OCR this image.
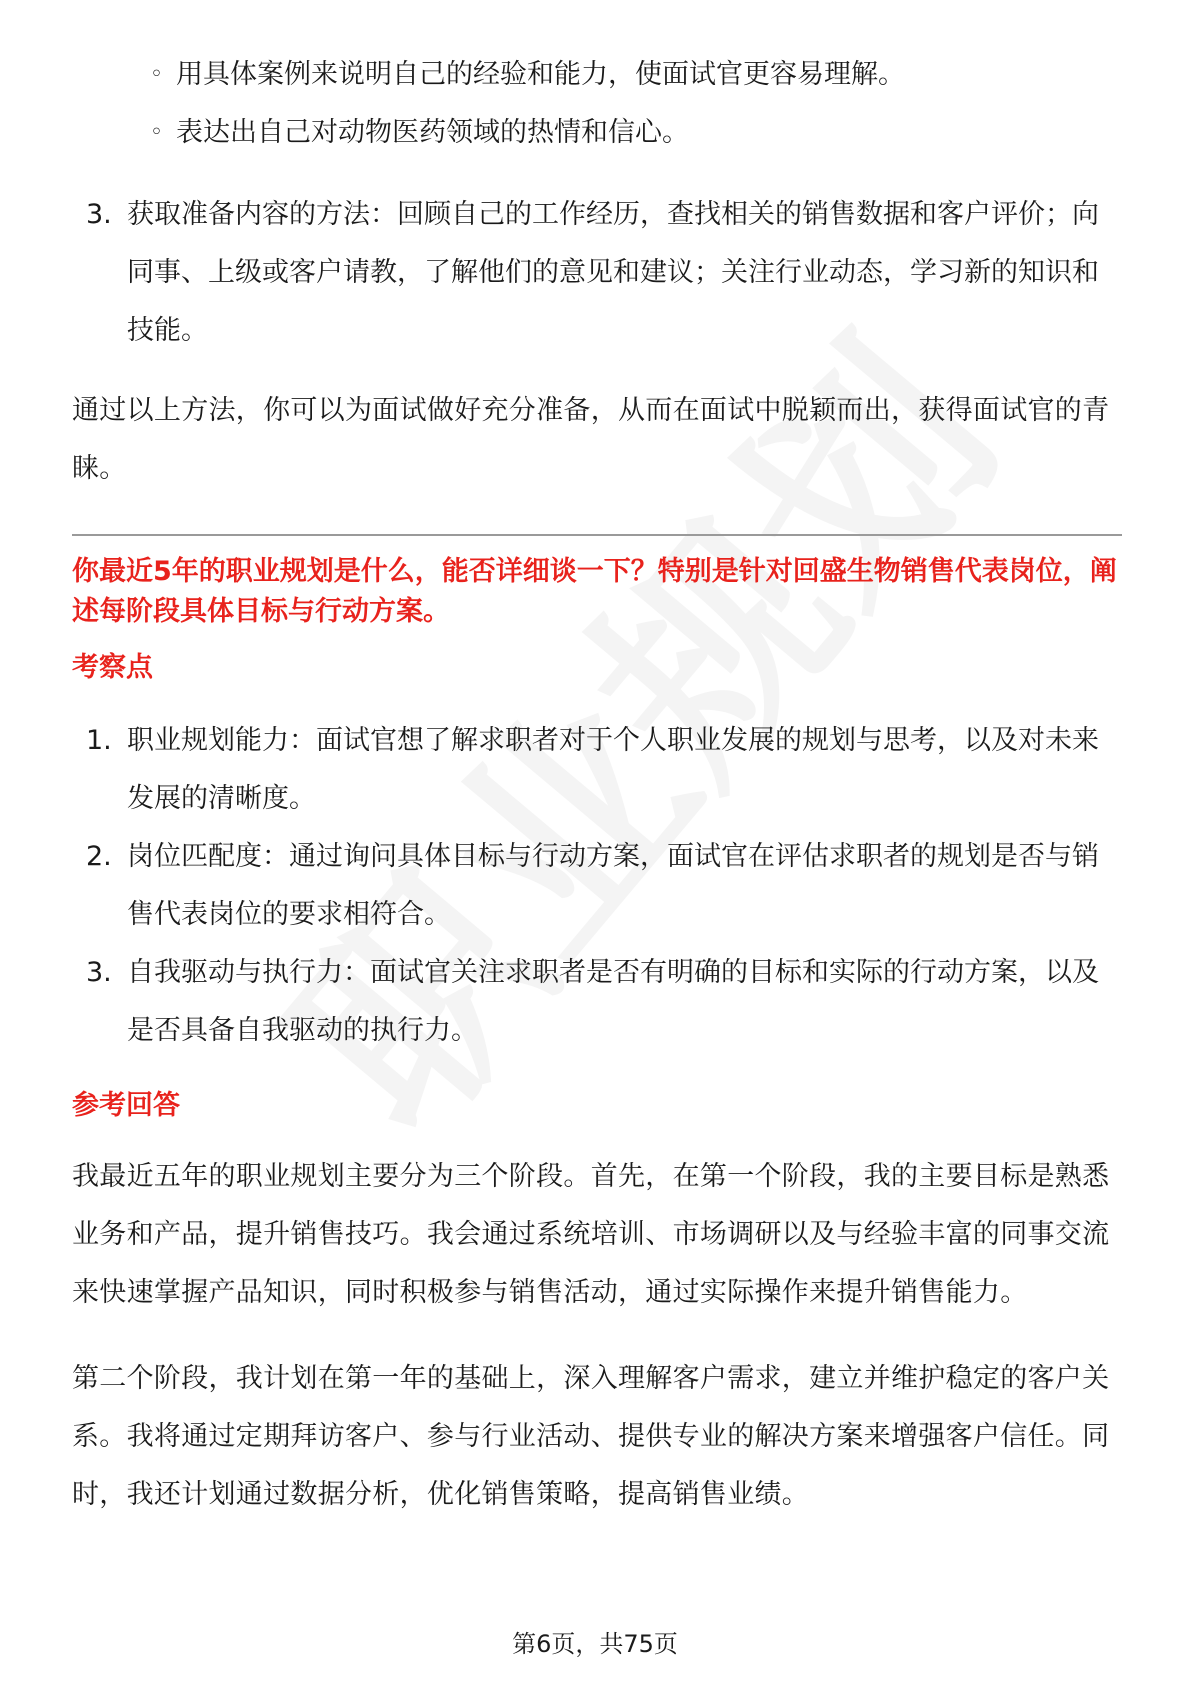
◦ 用具体案例来说明自己的经验和能力，使面试官更容易理解。
◦ 表达出自己对动物医药领域的热情和信心。
3. 获取准备内容的方法：回顾自己的工作经历，查找相关的销售数据和客户评价；向同事、上级或客户请教，了解他们的意见和建议；关注行业动态，学习新的知识和技能。

通过以上方法，你可以为面试做好充分准备，从而在面试中脱颖而出，获得面试官的青睐。

你最近5年的职业规划是什么，能否详细谈一下？特别是针对回盛生物销售代表岗位，阐述每阶段具体目标与行动方案。

考察点

1. 职业规划能力：面试官想了解求职者对于个人职业发展的规划与思考，以及对未来发展的清晰度。
2. 岗位匹配度：通过询问具体目标与行动方案，面试官在评估求职者的规划是否与销售代表岗位的要求相符合。
3. 自我驱动与执行力：面试官关注求职者是否有明确的目标和实际的行动方案，以及是否具备自我驱动的执行力。

参考回答

我最近五年的职业规划主要分为三个阶段。首先，在第一个阶段，我的主要目标是熟悉业务和产品，提升销售技巧。我会通过系统培训、市场调研以及与经验丰富的同事交流来快速掌握产品知识，同时积极参与销售活动，通过实际操作来提升销售能力。

第二个阶段，我计划在第一年的基础上，深入理解客户需求，建立并维护稳定的客户关系。我将通过定期拜访客户、参与行业活动、提供专业的解决方案来增强客户信任。同时，我还计划通过数据分析，优化销售策略，提高销售业绩。

第6页，共75页
